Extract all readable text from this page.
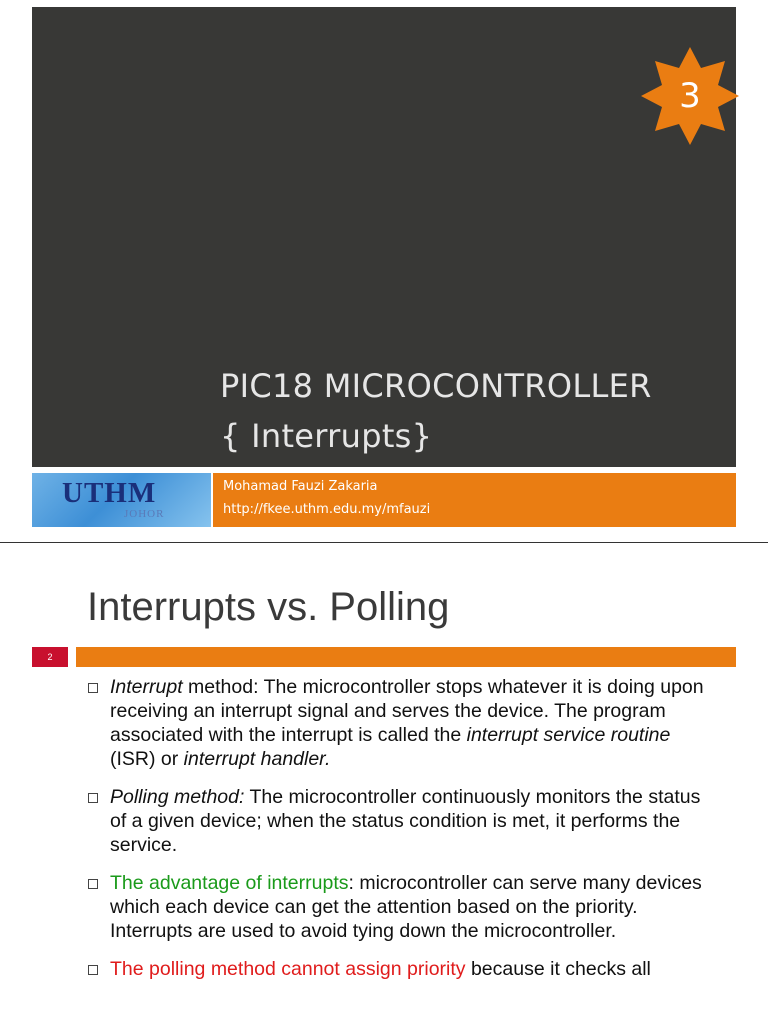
3
PIC18 MICROCONTROLLER
{ Interrupts}
UTHM
JOHOR
Mohamad Fauzi Zakaria
http://fkee.uthm.edu.my/mfauzi
Interrupts vs. Polling
2
Interrupt method: The microcontroller stops whatever it is doing upon receiving an interrupt signal and serves the device. The program associated with the interrupt is called the interrupt service routine (ISR) or interrupt handler.
Polling method: The microcontroller continuously monitors the status of a given device; when the status condition is met, it performs the service.
The advantage of interrupts: microcontroller can serve many devices which each device can get the attention based on the priority. Interrupts are used to avoid tying down the microcontroller.
The polling method cannot assign priority because it checks all
